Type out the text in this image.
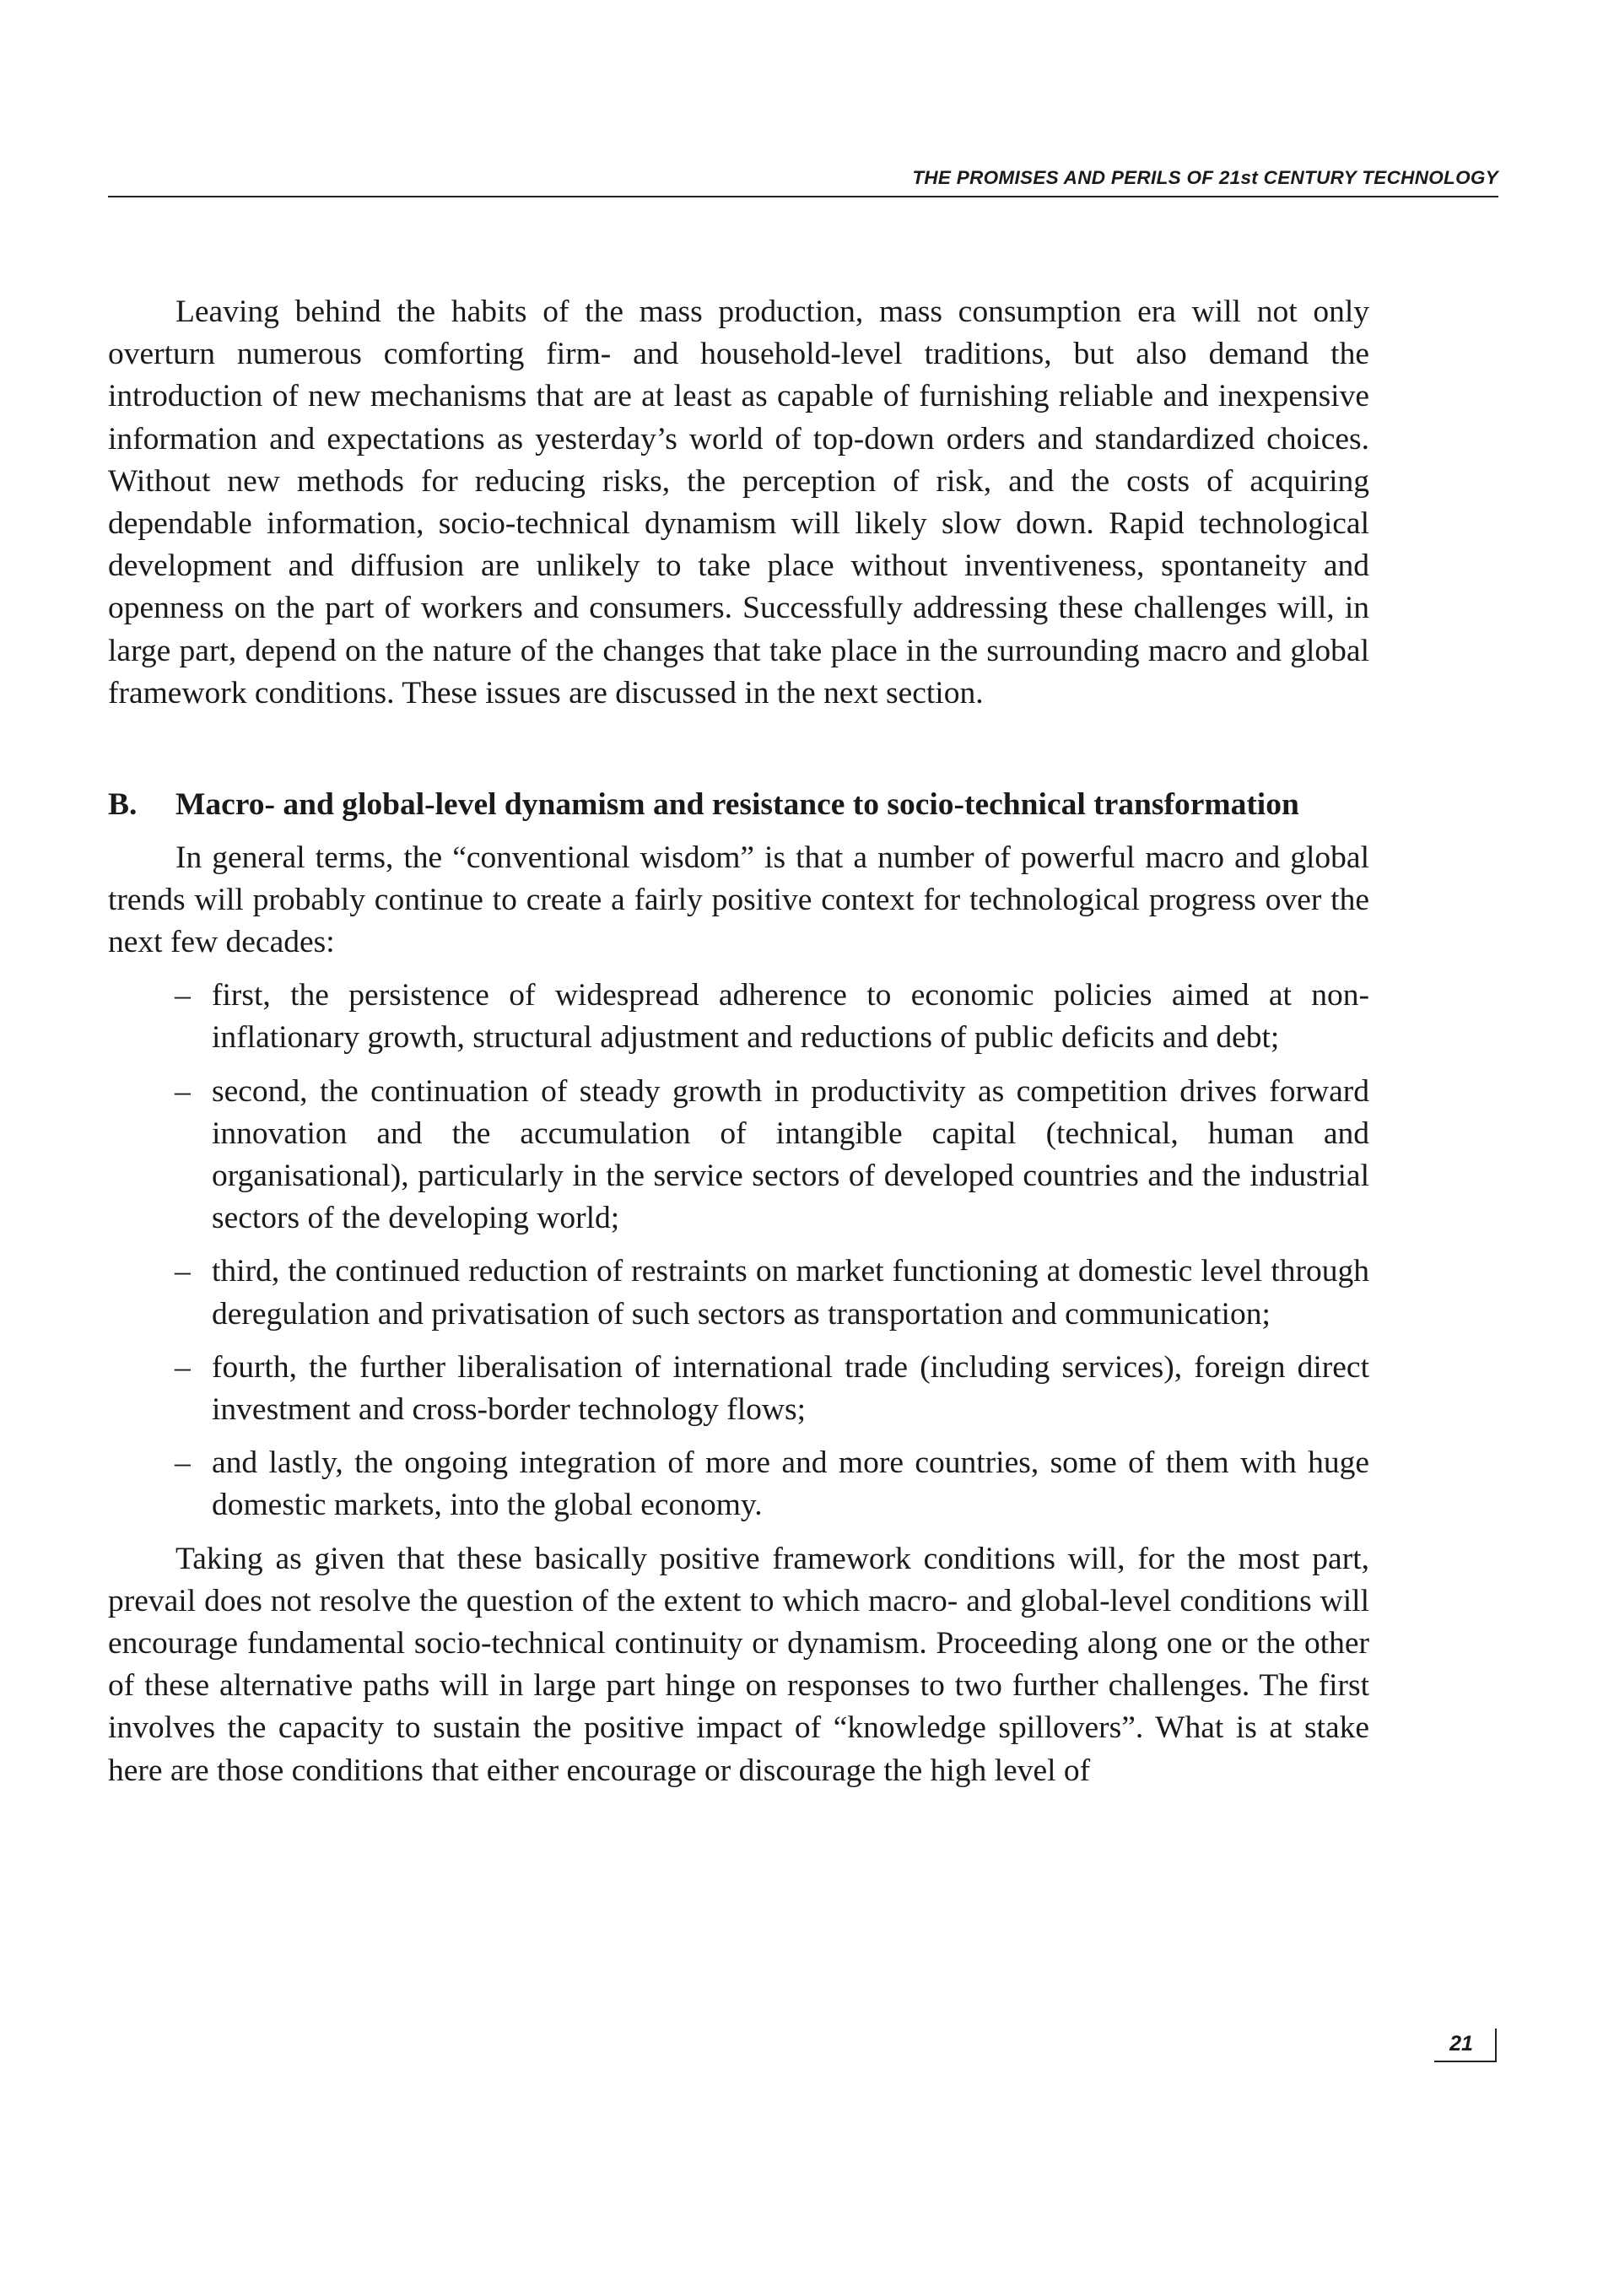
THE PROMISES AND PERILS OF 21st CENTURY TECHNOLOGY

Leaving behind the habits of the mass production, mass consumption era will not only overturn numerous comforting firm- and household-level traditions, but also demand the introduction of new mechanisms that are at least as capable of furnishing reliable and inexpensive information and expectations as yesterday’s world of top-down orders and standardized choices. Without new methods for reducing risks, the perception of risk, and the costs of acquiring dependable information, socio-technical dynamism will likely slow down. Rapid technological development and diffusion are unlikely to take place without inventiveness, spontaneity and openness on the part of workers and consumers. Successfully addressing these challenges will, in large part, depend on the nature of the changes that take place in the surrounding macro and global framework conditions. These issues are discussed in the next section.

B. Macro- and global-level dynamism and resistance to socio-technical transformation

In general terms, the “conventional wisdom” is that a number of powerful macro and global trends will probably continue to create a fairly positive context for technological progress over the next few decades:

– first, the persistence of widespread adherence to economic policies aimed at non-inflationary growth, structural adjustment and reductions of public deficits and debt;
– second, the continuation of steady growth in productivity as competition drives forward innovation and the accumulation of intangible capital (technical, human and organisational), particularly in the service sectors of developed countries and the industrial sectors of the developing world;
– third, the continued reduction of restraints on market functioning at domestic level through deregulation and privatisation of such sectors as transportation and communication;
– fourth, the further liberalisation of international trade (including services), foreign direct investment and cross-border technology flows;
– and lastly, the ongoing integration of more and more countries, some of them with huge domestic markets, into the global economy.

Taking as given that these basically positive framework conditions will, for the most part, prevail does not resolve the question of the extent to which macro- and global-level conditions will encourage fundamental socio-technical continuity or dynamism. Proceeding along one or the other of these alternative paths will in large part hinge on responses to two further challenges. The first involves the capacity to sustain the positive impact of “knowledge spillovers”. What is at stake here are those conditions that either encourage or discourage the high level of

21
